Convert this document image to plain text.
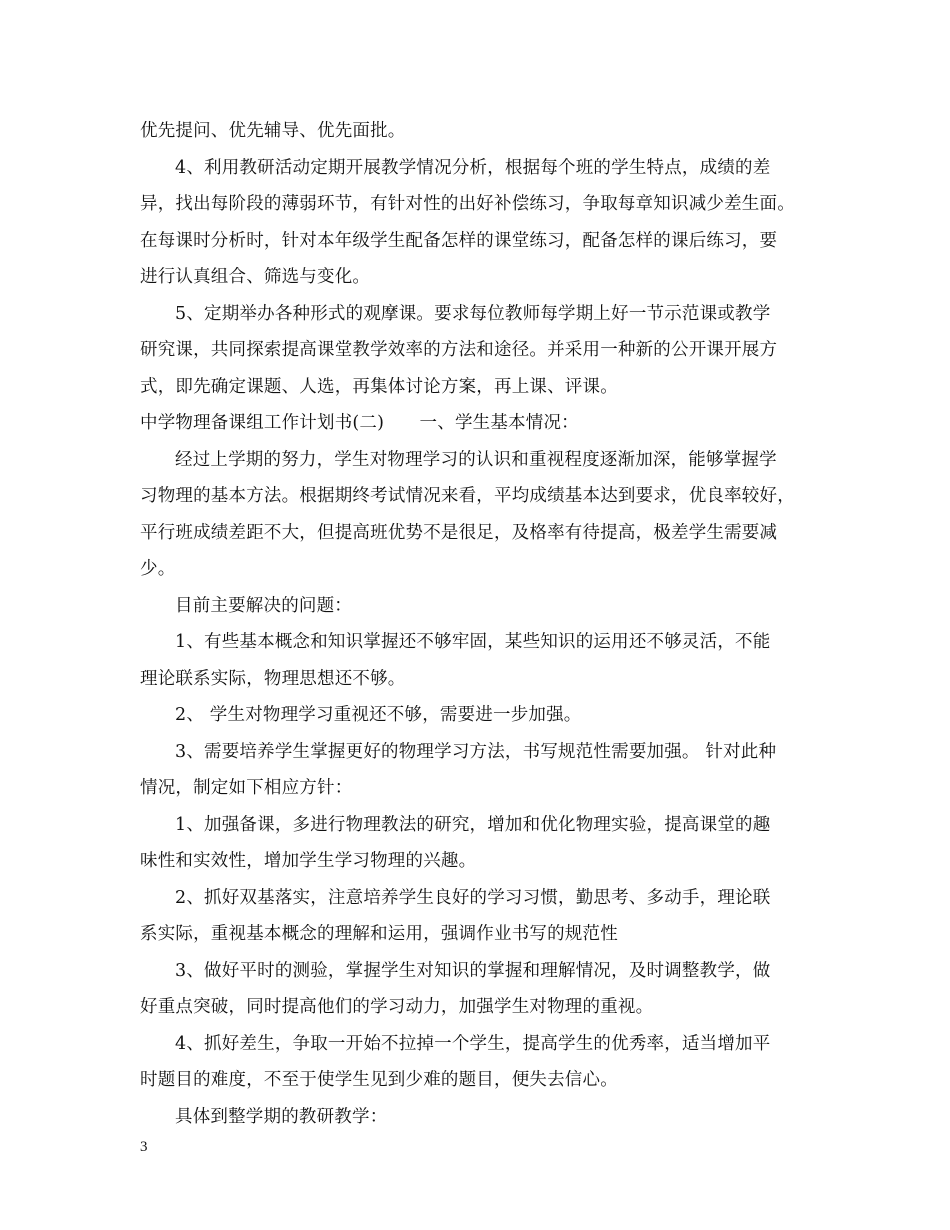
优先提问、优先辅导、优先面批。
4、利用教研活动定期开展教学情况分析，根据每个班的学生特点，成绩的差
异，找出每阶段的薄弱环节，有针对性的出好补偿练习，争取每章知识减少差生面。
在每课时分析时，针对本年级学生配备怎样的课堂练习，配备怎样的课后练习，要
进行认真组合、筛选与变化。
5、定期举办各种形式的观摩课。要求每位教师每学期上好一节示范课或教学
研究课，共同探索提高课堂教学效率的方法和途径。并采用一种新的公开课开展方
式，即先确定课题、人选，再集体讨论方案，再上课、评课。
中学物理备课组工作计划书(二)　　一、学生基本情况：
经过上学期的努力，学生对物理学习的认识和重视程度逐渐加深，能够掌握学
习物理的基本方法。根据期终考试情况来看，平均成绩基本达到要求，优良率较好，
平行班成绩差距不大，但提高班优势不是很足，及格率有待提高，极差学生需要减
少。
目前主要解决的问题：
1、有些基本概念和知识掌握还不够牢固，某些知识的运用还不够灵活，不能
理论联系实际，物理思想还不够。
2、 学生对物理学习重视还不够，需要进一步加强。
3、需要培养学生掌握更好的物理学习方法，书写规范性需要加强。 针对此种
情况，制定如下相应方针：
1、加强备课，多进行物理教法的研究，增加和优化物理实验，提高课堂的趣
味性和实效性，增加学生学习物理的兴趣。
2、抓好双基落实，注意培养学生良好的学习习惯，勤思考、多动手，理论联
系实际，重视基本概念的理解和运用，强调作业书写的规范性
3、做好平时的测验，掌握学生对知识的掌握和理解情况，及时调整教学，做
好重点突破，同时提高他们的学习动力，加强学生对物理的重视。
4、抓好差生，争取一开始不拉掉一个学生，提高学生的优秀率，适当增加平
时题目的难度，不至于使学生见到少难的题目，便失去信心。
具体到整学期的教研教学：
3
